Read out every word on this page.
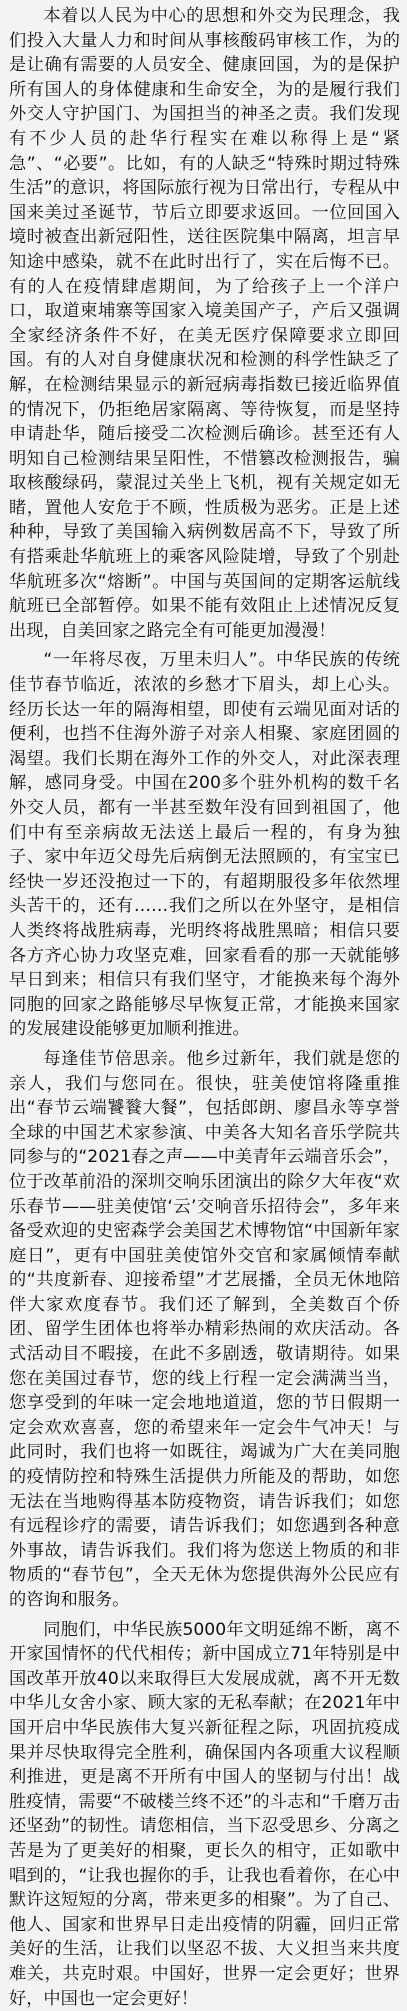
本着以人民为中心的思想和外交为民理念，我们投入大量人力和时间从事核酸码审核工作，为的是让确有需要的人员安全、健康回国，为的是保护所有国人的身体健康和生命安全，为的是履行我们外交人守护国门、为国担当的神圣之责。我们发现有不少人员的赴华行程实在难以称得上是“紧急”、“必要”。比如，有的人缺乏“特殊时期过特殊生活”的意识，将国际旅行视为日常出行，专程从中国来美过圣诞节，节后立即要求返回。一位回国入境时被查出新冠阳性，送往医院集中隔离，坦言早知途中感染，就不在此时出行了，实在后悔不已。有的人在疫情肆虐期间，为了给孩子上一个洋户口，取道柬埔寨等国家入境美国产子，产后又强调全家经济条件不好，在美无医疗保障要求立即回国。有的人对自身健康状况和检测的科学性缺乏了解，在检测结果显示的新冠病毒指数已接近临界值的情况下，仍拒绝居家隔离、等待恢复，而是坚持申请赴华，随后接受二次检测后确诊。甚至还有人明知自己检测结果呈阳性，不惜篡改检测报告，骗取核酸绿码，蒙混过关坐上飞机，视有关规定如无睹，置他人安危于不顾，性质极为恶劣。正是上述种种，导致了美国输入病例数居高不下，导致了所有搭乘赴华航班上的乘客风险陡增，导致了个别赴华航班多次“熔断”。中国与英国间的定期客运航线航班已全部暂停。如果不能有效阻止上述情况反复出现，自美回家之路完全有可能更加漫漫！

“一年将尽夜，万里未归人”。中华民族的传统佳节春节临近，浓浓的乡愁才下眉头，却上心头。经历长达一年的隔海相望，即使有云端见面对话的便利，也挡不住海外游子对亲人相聚、家庭团圆的渴望。我们长期在海外工作的外交人，对此深表理解，感同身受。中国在200多个驻外机构的数千名外交人员，都有一半甚至数年没有回到祖国了，他们中有至亲病故无法送上最后一程的，有身为独子、家中年迈父母先后病倒无法照顾的，有宝宝已经快一岁还没抱过一下的，有超期服役多年依然埋头苦干的，还有……我们之所以在外坚守，是相信人类终将战胜病毒，光明终将战胜黑暗；相信只要各方齐心协力攻坚克难，回家看看的那一天就能够早日到来；相信只有我们坚守，才能换来每个海外同胞的回家之路能够尽早恢复正常，才能换来国家的发展建设能够更加顺利推进。

每逢佳节倍思亲。他乡过新年，我们就是您的亲人，我们与您同在。很快，驻美使馆将隆重推出“春节云端饕餮大餐”，包括郎朗、廖昌永等享誉全球的中国艺术家参演、中美各大知名音乐学院共同参与的“2021春之声——中美青年云端音乐会”，位于改革前沿的深圳交响乐团演出的除夕大年夜“欢乐春节——驻美使馆‘云’交响音乐招待会”，多年来备受欢迎的史密森学会美国艺术博物馆“中国新年家庭日”，更有中国驻美使馆外交官和家属倾情奉献的“共度新春、迎接希望”才艺展播，全员无休地陪伴大家欢度春节。我们还了解到，全美数百个侨团、留学生团体也将举办精彩热闹的欢庆活动。各式活动目不暇接，在此不多剧透，敬请期待。如果您在美国过春节，您的线上行程一定会满满当当，您享受到的年味一定会地地道道，您的节日假期一定会欢欢喜喜，您的希望来年一定会牛气冲天！与此同时，我们也将一如既往，竭诚为广大在美同胞的疫情防控和特殊生活提供力所能及的帮助，如您无法在当地购得基本防疫物资，请告诉我们；如您有远程诊疗的需要，请告诉我们；如您遇到各种意外事故，请告诉我们。我们将为您送上物质的和非物质的“春节包”，全天无休为您提供海外公民应有的咨询和服务。

同胞们，中华民族5000年文明延绵不断，离不开家国情怀的代代相传；新中国成立71年特别是中国改革开放40以来取得巨大发展成就，离不开无数中华儿女舍小家、顾大家的无私奉献；在2021年中国开启中华民族伟大复兴新征程之际，巩固抗疫成果并尽快取得完全胜利，确保国内各项重大议程顺利推进，更是离不开所有中国人的坚韧与付出！战胜疫情，需要“不破楼兰终不还”的斗志和“千磨万击还坚劲”的韧性。请您相信，当下忍受思乡、分离之苦是为了更美好的相聚，更长久的相守，正如歌中唱到的，“让我也握你的手，让我也看着你，在心中默许这短短的分离，带来更多的相聚”。为了自己、他人、国家和世界早日走出疫情的阴霾，回归正常美好的生活，让我们以坚忍不拔、大义担当来共度难关，共克时艰。中国好，世界一定会更好；世界好，中国也一定会更好！
